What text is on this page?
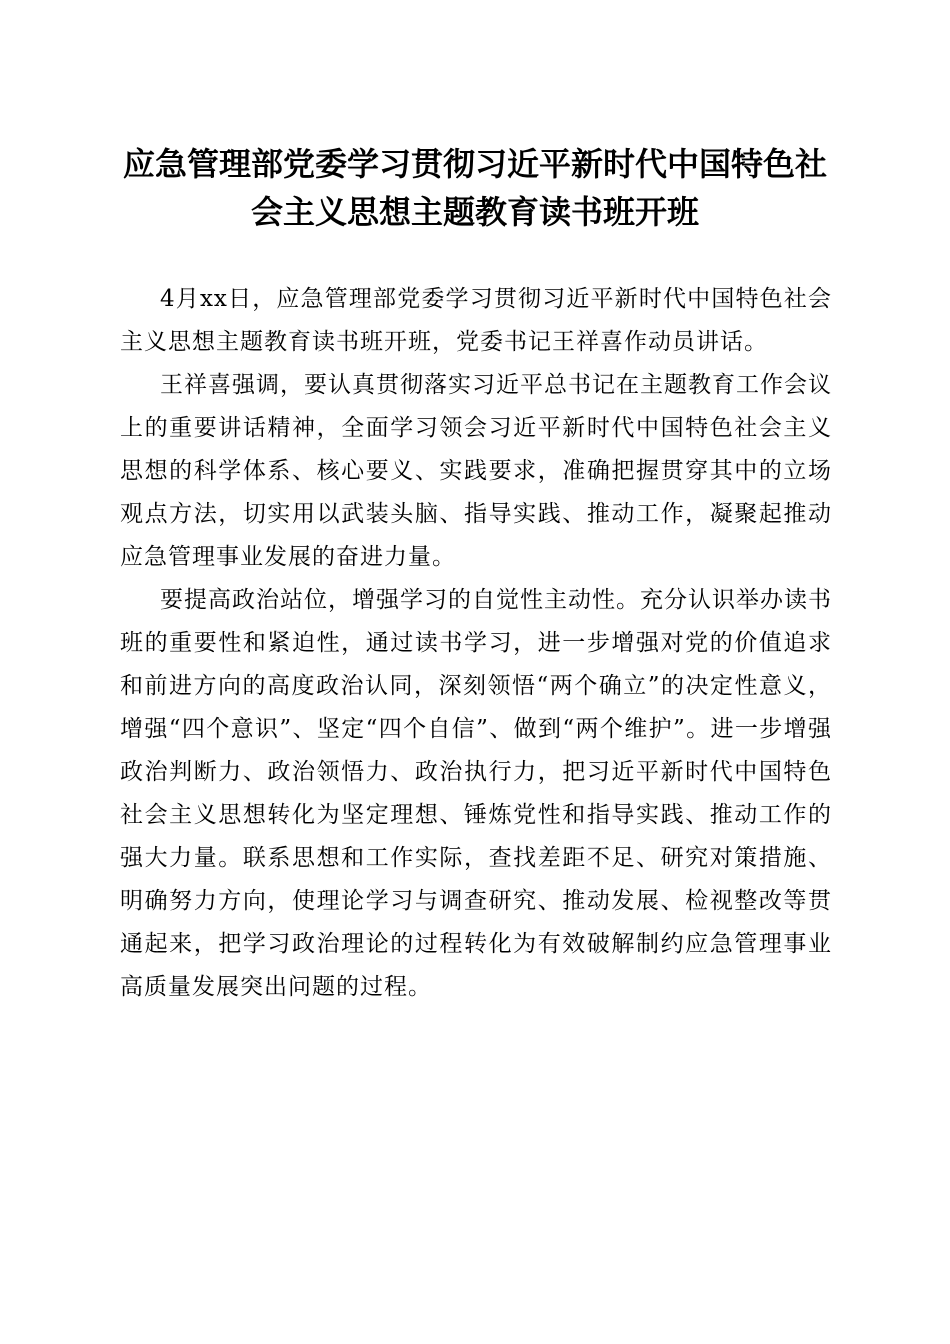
应急管理部党委学习贯彻习近平新时代中国特色社会主义思想主题教育读书班开班

4月xx日，应急管理部党委学习贯彻习近平新时代中国特色社会主义思想主题教育读书班开班，党委书记王祥喜作动员讲话。

王祥喜强调，要认真贯彻落实习近平总书记在主题教育工作会议上的重要讲话精神，全面学习领会习近平新时代中国特色社会主义思想的科学体系、核心要义、实践要求，准确把握贯穿其中的立场观点方法，切实用以武装头脑、指导实践、推动工作，凝聚起推动应急管理事业发展的奋进力量。

要提高政治站位，增强学习的自觉性主动性。充分认识举办读书班的重要性和紧迫性，通过读书学习，进一步增强对党的价值追求和前进方向的高度政治认同，深刻领悟“两个确立”的决定性意义，增强“四个意识”、坚定“四个自信”、做到“两个维护”。进一步增强政治判断力、政治领悟力、政治执行力，把习近平新时代中国特色社会主义思想转化为坚定理想、锤炼党性和指导实践、推动工作的强大力量。联系思想和工作实际，查找差距不足、研究对策措施、明确努力方向，使理论学习与调查研究、推动发展、检视整改等贯通起来，把学习政治理论的过程转化为有效破解制约应急管理事业高质量发展突出问题的过程。
